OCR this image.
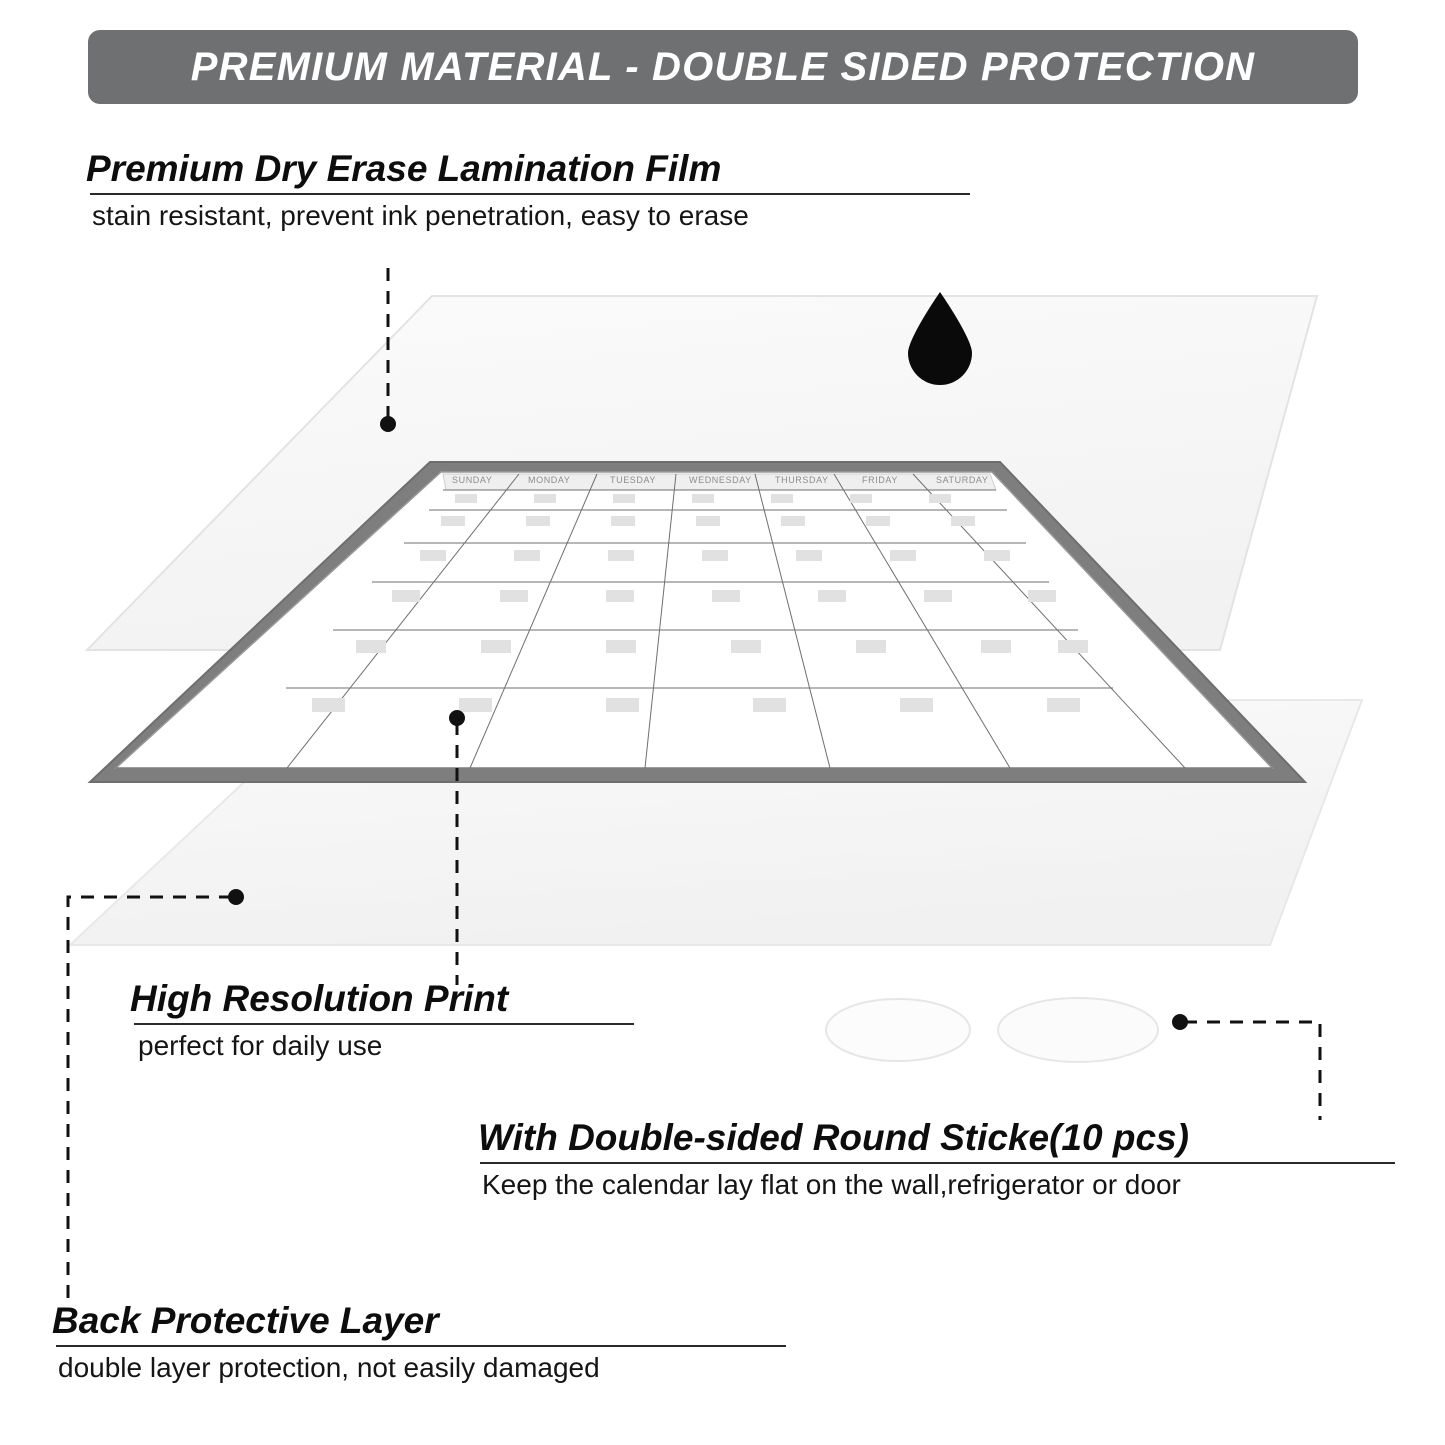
PREMIUM MATERIAL - DOUBLE SIDED PROTECTION
SUNDAY	MONDAY	TUESDAY	WEDNESDAY	THURSDAY	FRIDAY	SATURDAY
Premium Dry Erase Lamination Film
stain resistant, prevent ink penetration, easy to erase
High Resolution Print
perfect for daily use
With Double-sided Round Sticke(10 pcs)
Keep the calendar lay flat on the wall,refrigerator or door
Back Protective Layer
double layer protection, not easily damaged
